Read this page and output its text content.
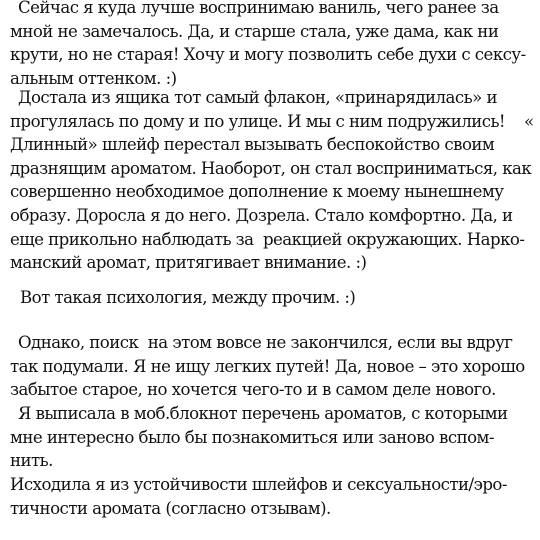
Сейчас я куда лучше воспринимаю ваниль, чего ранее за
мной не замечалось. Да, и старше стала, уже дама, как ни
крути, но не старая! Хочу и могу позволить себе духи с сексу-
альным оттенком. :)
Достала из ящика тот самый флакон, «принарядилась» и
прогулялась по дому и по улице. И мы с ним подружились!    «
Длинный» шлейф перестал вызывать беспокойство своим
дразнящим ароматом. Наоборот, он стал восприниматься, как
совершенно необходимое дополнение к моему нынешнему
образу. Доросла я до него. Дозрела. Стало комфортно. Да, и
еще прикольно наблюдать за  реакцией окружающих. Нарко-
манский аромат, притягивает внимание. :)
Вот такая психология, между прочим. :)
Однако, поиск  на этом вовсе не закончился, если вы вдруг
так подумали. Я не ищу легких путей! Да, новое – это хорошо
забытое старое, но хочется чего-то и в самом деле нового.
Я выписала в моб.блокнот перечень ароматов, с которыми
мне интересно было бы познакомиться или заново вспом-
нить.
Исходила я из устойчивости шлейфов и сексуальности/эро-
тичности аромата (согласно отзывам).
